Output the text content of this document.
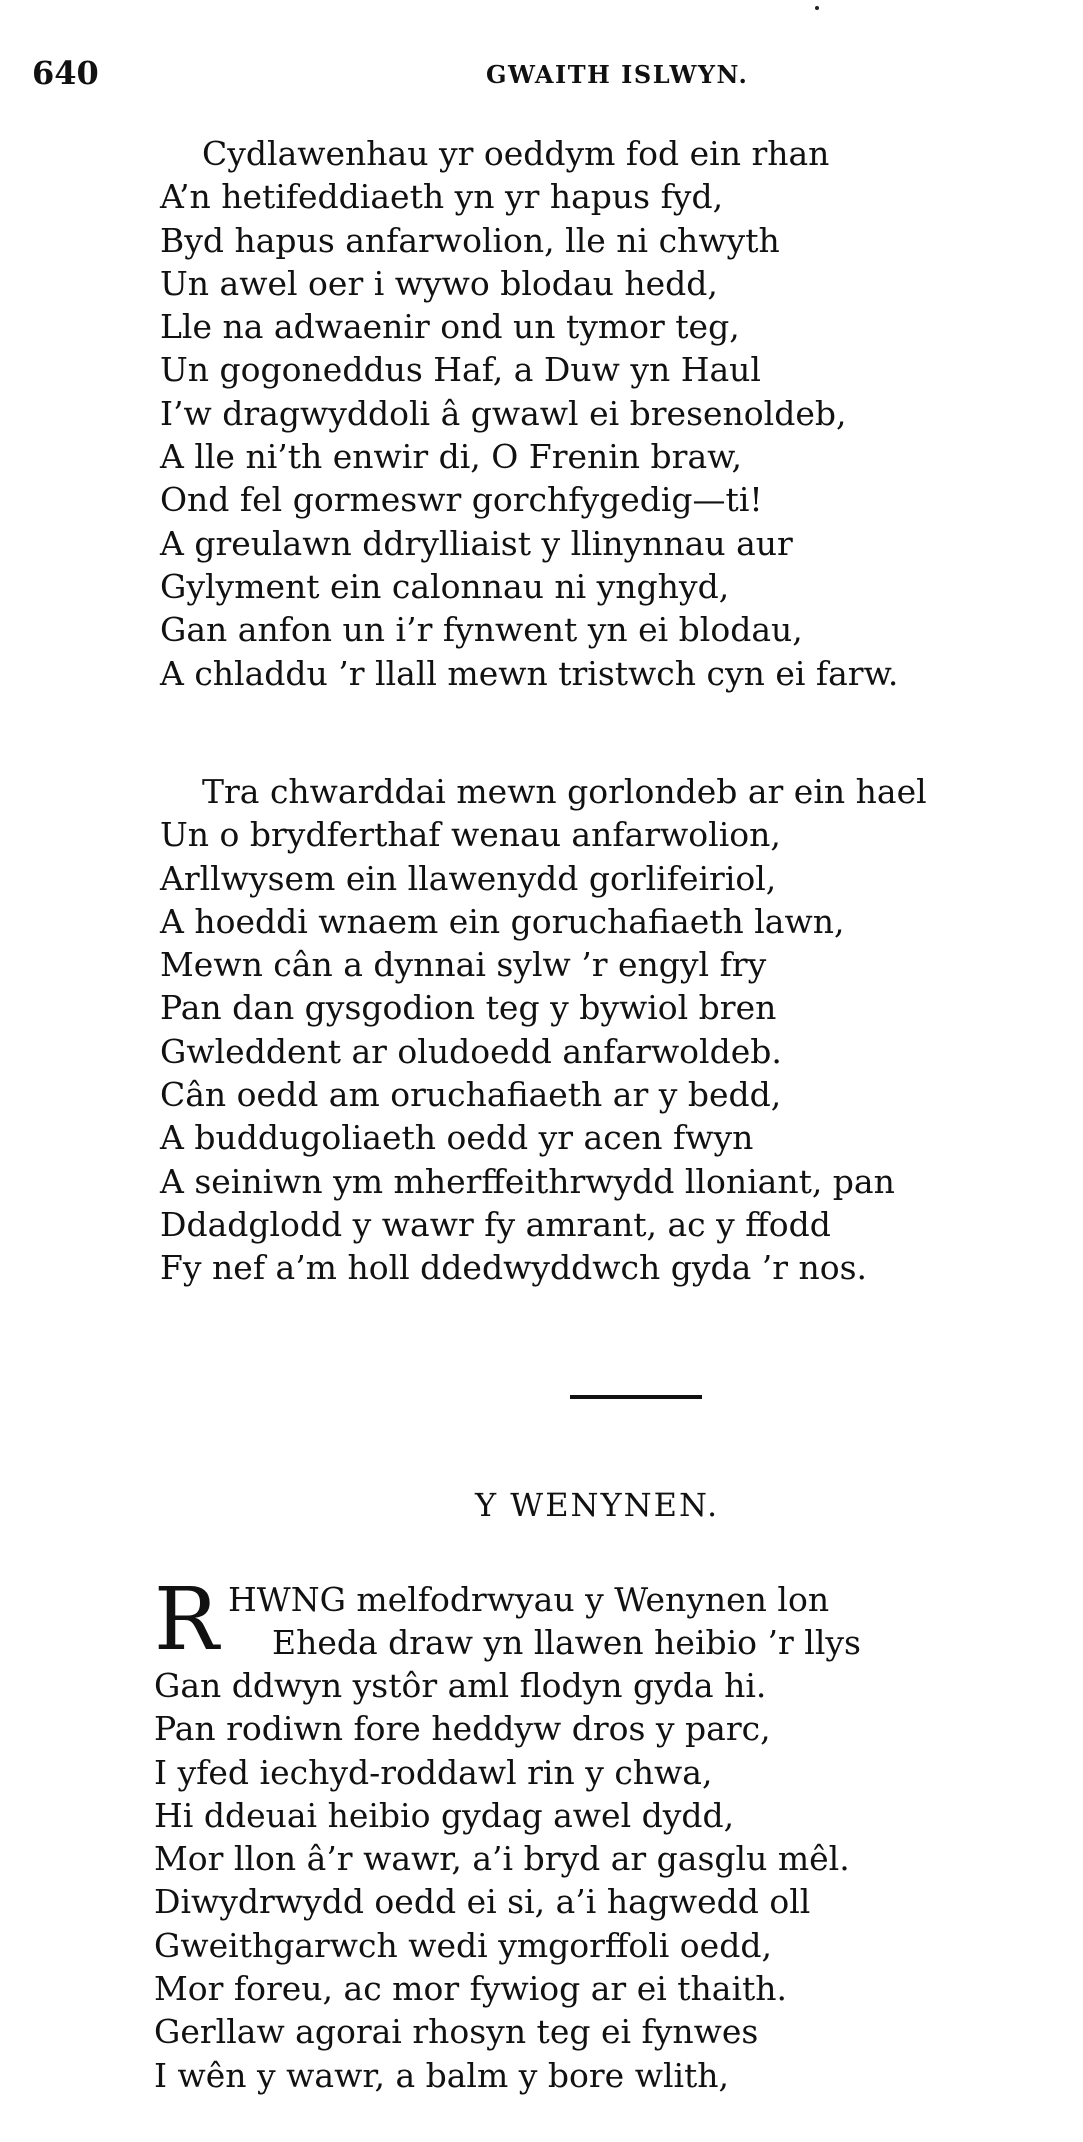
640	GWAITH ISLWYN.
Cydlawenhau yr oeddym fod ein rhan
A’n hetifeddiaeth yn yr hapus fyd,
Byd hapus anfarwolion, lle ni chwyth
Un awel oer i wywo blodau hedd,
Lle na adwaenir ond un tymor teg,
Un gogoneddus Haf, a Duw yn Haul
I’w dragwyddoli â gwawl ei bresenoldeb,
A lle ni’th enwir di, O Frenin braw,
Ond fel gormeswr gorchfygedig—ti!
A greulawn ddrylliaist y llinynnau aur
Gylyment ein calonnau ni ynghyd,
Gan anfon un i’r fynwent yn ei blodau,
A chladdu ’r llall mewn tristwch cyn ei farw.
Tra chwarddai mewn gorlondeb ar ein hael
Un o brydferthaf wenau anfarwolion,
Arllwysem ein llawenydd gorlifeiriol,
A hoeddi wnaem ein goruchafiaeth lawn,
Mewn cân a dynnai sylw ’r engyl fry
Pan dan gysgodion teg y bywiol bren
Gwleddent ar oludoedd anfarwoldeb.
Cân oedd am oruchafiaeth ar y bedd,
A buddugoliaeth oedd yr acen fwyn
A seiniwn ym mherffeithrwydd lloniant, pan
Ddadglodd y wawr fy amrant, ac y ffodd
Fy nef a’m holl ddedwyddwch gyda ’r nos.
Y WENYNEN.
R HWNG melfodrwyau y Wenynen lon
Eheda draw yn llawen heibio ’r llys
Gan ddwyn ystôr aml flodyn gyda hi.
Pan rodiwn fore heddyw dros y parc,
I yfed iechyd-roddawl rin y chwa,
Hi ddeuai heibio gydag awel dydd,
Mor llon â’r wawr, a’i bryd ar gasglu mêl.
Diwydrwydd oedd ei si, a’i hagwedd oll
Gweithgarwch wedi ymgorffoli oedd,
Mor foreu, ac mor fywiog ar ei thaith.
Gerllaw agorai rhosyn teg ei fynwes
I wên y wawr, a balm y bore wlith,
